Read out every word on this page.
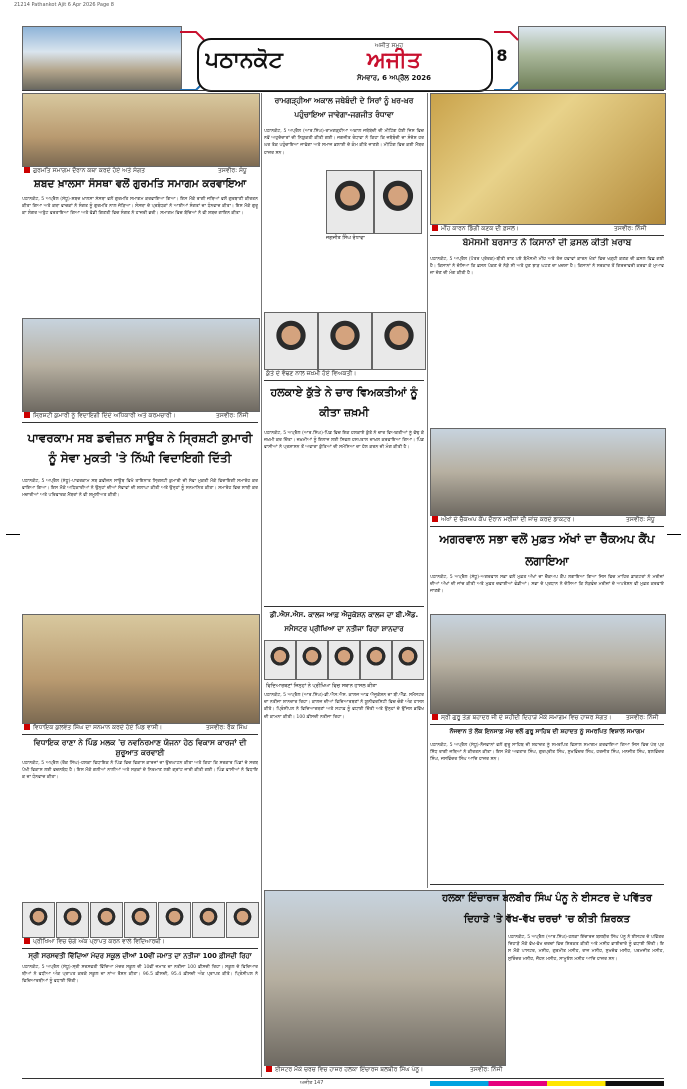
21214 Pathankot Ajit 6 Apr 2026 Page 8
ਪਠਾਨਕੋਟ
ਅਜੀਤ ਸਮੂਹ
ਅਜੀਤ
ਸੋਮਵਾਰ, 6 ਅਪ੍ਰੈਲ 2026
8
ਗੁਰਮਤਿ ਸਮਾਗਮ ਦੌਰਾਨ ਕਥਾ ਕਰਦੇ ਹੋਏ ਅਤੇ ਸੰਗਤ	ਤਸਵੀਰ: ਸੰਧੂ
ਸ਼ਬਦ ਖ਼ਾਲਸਾ ਸੰਸਥਾ ਵਲੋਂ ਗੁਰਮਤਿ ਸਮਾਗਮ ਕਰਵਾਇਆ
ਪਠਾਨਕੋਟ, 5 ਅਪ੍ਰੈਲ (ਸੰਧੂ)-ਸ਼ਬਦ ਖ਼ਾਲਸਾ ਸੰਸਥਾ ਵਲੋਂ ਗੁਰਮਤਿ ਸਮਾਗਮ ਕਰਵਾਇਆ ਗਿਆ। ਇਸ ਮੌਕੇ ਰਾਗੀ ਜਥਿਆਂ ਵਲੋਂ ਗੁਰਬਾਣੀ ਕੀਰਤਨ ਕੀਤਾ ਗਿਆ ਅਤੇ ਕਥਾ ਵਾਚਕਾਂ ਨੇ ਸੰਗਤ ਨੂੰ ਗੁਰਮਤਿ ਨਾਲ ਜੋੜਿਆ। ਸੰਸਥਾ ਦੇ ਪ੍ਰਬੰਧਕਾਂ ਨੇ ਆਈਆਂ ਸੰਗਤਾਂ ਦਾ ਧੰਨਵਾਦ ਕੀਤਾ। ਇਸ ਮੌਕੇ ਗੁਰੂ ਕਾ ਲੰਗਰ ਅਤੁੱਟ ਵਰਤਾਇਆ ਗਿਆ ਅਤੇ ਵੱਡੀ ਗਿਣਤੀ ਵਿਚ ਸੰਗਤ ਨੇ ਹਾਜ਼ਰੀ ਭਰੀ। ਸਮਾਗਮ ਵਿਚ ਬੱਚਿਆਂ ਨੇ ਵੀ ਸ਼ਬਦ ਗਾਇਨ ਕੀਤਾ।
ਸ੍ਰਿਸ਼ਟੀ ਕੁਮਾਰੀ ਨੂੰ ਵਿਦਾਇਗੀ ਦਿੰਦੇ ਅਧਿਕਾਰੀ ਅਤੇ ਕਰਮਚਾਰੀ।	ਤਸਵੀਰ: ਨਿੱਜੀ
ਪਾਵਰਕਾਮ ਸਬ ਡਵੀਜ਼ਨ ਸਾਊਥ ਨੇ ਸ੍ਰਿਸ਼ਟੀ ਕੁਮਾਰੀ ਨੂੰ ਸੇਵਾ ਮੁਕਤੀ 'ਤੇ ਨਿੱਘੀ ਵਿਦਾਇਗੀ ਦਿੱਤੀ
ਪਠਾਨਕੋਟ, 5 ਅਪ੍ਰੈਲ (ਸੰਧੂ)-ਪਾਵਰਕਾਮ ਸਬ ਡਵੀਜ਼ਨ ਸਾਊਥ ਵਿਖੇ ਤਾਇਨਾਤ ਸ੍ਰਿਸ਼ਟੀ ਕੁਮਾਰੀ ਦੀ ਸੇਵਾ ਮੁਕਤੀ ਮੌਕੇ ਵਿਦਾਇਗੀ ਸਮਾਰੋਹ ਕਰਵਾਇਆ ਗਿਆ। ਇਸ ਮੌਕੇ ਅਧਿਕਾਰੀਆਂ ਨੇ ਉਨ੍ਹਾਂ ਦੀਆਂ ਸੇਵਾਵਾਂ ਦੀ ਸ਼ਲਾਘਾ ਕੀਤੀ ਅਤੇ ਉਨ੍ਹਾਂ ਨੂੰ ਸਨਮਾਨਿਤ ਕੀਤਾ। ਸਮਾਰੋਹ ਵਿਚ ਸਾਥੀ ਕਰਮਚਾਰੀਆਂ ਅਤੇ ਪਰਿਵਾਰਕ ਮੈਂਬਰਾਂ ਨੇ ਵੀ ਸ਼ਮੂਲੀਅਤ ਕੀਤੀ।
ਵਿਧਾਇਕ ਕੁਲਵੰਤ ਸਿੰਘ ਦਾ ਸਨਮਾਨ ਕਰਦੇ ਹੋਏ ਪਿੰਡ ਵਾਸੀ।	ਤਸਵੀਰ: ਰੌਕ ਸਿੰਘ
ਵਿਧਾਇਕ ਰਾਣਾ ਨੇ ਪਿੰਡ ਮਲਕ 'ਚ ਨਵਨਿਰਮਾਣ ਯੋਜਨਾ ਹੇਠ ਵਿਕਾਸ ਕਾਰਜਾਂ ਦੀ ਸ਼ੁਰੂਆਤ ਕਰਵਾਈ
ਪਠਾਨਕੋਟ, 5 ਅਪ੍ਰੈਲ (ਰੌਕ ਸਿੰਘ)-ਹਲਕਾ ਵਿਧਾਇਕ ਨੇ ਪਿੰਡ ਵਿਚ ਵਿਕਾਸ ਕਾਰਜਾਂ ਦਾ ਉਦਘਾਟਨ ਕੀਤਾ ਅਤੇ ਕਿਹਾ ਕਿ ਸਰਕਾਰ ਪਿੰਡਾਂ ਦੇ ਸਰਬਪੱਖੀ ਵਿਕਾਸ ਲਈ ਵਚਨਬੱਧ ਹੈ। ਇਸ ਮੌਕੇ ਗਲੀਆਂ ਨਾਲੀਆਂ ਅਤੇ ਸੜਕਾਂ ਦੇ ਨਿਰਮਾਣ ਲਈ ਗ੍ਰਾਂਟ ਜਾਰੀ ਕੀਤੀ ਗਈ। ਪਿੰਡ ਵਾਸੀਆਂ ਨੇ ਵਿਧਾਇਕ ਦਾ ਧੰਨਵਾਦ ਕੀਤਾ।
ਪ੍ਰੀਖਿਆ ਵਿਚ ਚੰਗੇ ਅੰਕ ਪ੍ਰਾਪਤ ਕਰਨ ਵਾਲੇ ਵਿਦਿਆਰਥੀ।
ਸ੍ਰੀ ਸਰਸਵਤੀ ਵਿੱਦਿਆ ਮੰਦਰ ਸਕੂਲ ਦੀਆਂ 10ਵੀਂ ਜਮਾਤ ਦਾ ਨਤੀਜਾ 100 ਫ਼ੀਸਦੀ ਰਿਹਾ
ਪਠਾਨਕੋਟ, 5 ਅਪ੍ਰੈਲ (ਸੰਧੂ)-ਸ੍ਰੀ ਸਰਸਵਤੀ ਵਿੱਦਿਆ ਮੰਦਰ ਸਕੂਲ ਦੀ 10ਵੀਂ ਜਮਾਤ ਦਾ ਨਤੀਜਾ 100 ਫ਼ੀਸਦੀ ਰਿਹਾ। ਸਕੂਲ ਦੇ ਵਿਦਿਆਰਥੀਆਂ ਨੇ ਵਧੀਆ ਅੰਕ ਪ੍ਰਾਪਤ ਕਰਕੇ ਸਕੂਲ ਦਾ ਨਾਂਅ ਰੌਸ਼ਨ ਕੀਤਾ। 96.5 ਫ਼ੀਸਦੀ, 95.4 ਫ਼ੀਸਦੀ ਅੰਕ ਪ੍ਰਾਪਤ ਕੀਤੇ। ਪ੍ਰਿੰਸੀਪਲ ਨੇ ਵਿਦਿਆਰਥੀਆਂ ਨੂੰ ਵਧਾਈ ਦਿੱਤੀ।
ਰਾਮਗੜ੍ਹੀਆ ਅਕਾਲ ਜਥੇਬੰਦੀ ਦੇ ਸਿਰਾਂ ਨੂੰ ਖ਼ਰ-ਖ਼ਰ ਪਹੁੰਚਾਇਆ ਜਾਵੇਗਾ-ਜਗਜੀਤ ਰੰਧਾਵਾ
ਪਠਾਨਕੋਟ, 5 ਅਪ੍ਰੈਲ (ਆਰ.ਸਿੰਘ)-ਰਾਮਗੜ੍ਹੀਆ ਅਕਾਲ ਜਥੇਬੰਦੀ ਦੀ ਮੀਟਿੰਗ ਹੋਈ ਜਿਸ ਵਿਚ ਨਵੇਂ ਅਹੁਦੇਦਾਰਾਂ ਦੀ ਨਿਯੁਕਤੀ ਕੀਤੀ ਗਈ। ਜਗਜੀਤ ਰੰਧਾਵਾ ਨੇ ਕਿਹਾ ਕਿ ਜਥੇਬੰਦੀ ਦਾ ਸੰਦੇਸ਼ ਹਰ ਘਰ ਤੱਕ ਪਹੁੰਚਾਇਆ ਜਾਵੇਗਾ ਅਤੇ ਸਮਾਜ ਭਲਾਈ ਦੇ ਕੰਮ ਕੀਤੇ ਜਾਣਗੇ। ਮੀਟਿੰਗ ਵਿਚ ਕਈ ਮੈਂਬਰ ਹਾਜ਼ਰ ਸਨ।
ਜਗਜੀਤ ਸਿੰਘ ਰੰਧਾਵਾ
ਕੁੱਤੇ ਦੇ ਵੱਢਣ ਨਾਲ ਜ਼ਖ਼ਮੀ ਹੋਏ ਵਿਅਕਤੀ।
ਹਲਕਾਏ ਕੁੱਤੇ ਨੇ ਚਾਰ ਵਿਅਕਤੀਆਂ ਨੂੰ ਕੀਤਾ ਜ਼ਖ਼ਮੀ
ਪਠਾਨਕੋਟ, 5 ਅਪ੍ਰੈਲ (ਆਰ.ਸਿੰਘ)-ਪਿੰਡ ਵਿਚ ਇਕ ਹਲਕਾਏ ਕੁੱਤੇ ਨੇ ਚਾਰ ਵਿਅਕਤੀਆਂ ਨੂੰ ਵੱਢ ਕੇ ਜ਼ਖ਼ਮੀ ਕਰ ਦਿੱਤਾ। ਜ਼ਖ਼ਮੀਆਂ ਨੂੰ ਇਲਾਜ ਲਈ ਸਿਵਲ ਹਸਪਤਾਲ ਦਾਖ਼ਲ ਕਰਵਾਇਆ ਗਿਆ। ਪਿੰਡ ਵਾਸੀਆਂ ਨੇ ਪ੍ਰਸ਼ਾਸਨ ਤੋਂ ਅਵਾਰਾ ਕੁੱਤਿਆਂ ਦੀ ਸਮੱਸਿਆ ਦਾ ਹੱਲ ਕਰਨ ਦੀ ਮੰਗ ਕੀਤੀ ਹੈ।
ਡੀ.ਐਸ.ਐਸ. ਕਾਲਜ ਆਫ਼ ਐਜੂਕੇਸ਼ਨ ਕਾਲਜ ਦਾ ਬੀ.ਐੱਡ. ਸਮੈਸਟਰ ਪ੍ਰੀਖਿਆ ਦਾ ਨਤੀਜਾ ਰਿਹਾ ਸ਼ਾਨਦਾਰ
ਵਿਦਿਆਰਥਣਾਂ ਜਿਨ੍ਹਾਂ ਨੇ ਪ੍ਰੀਖਿਆ ਵਿਚ ਸਥਾਨ ਹਾਸਲ ਕੀਤਾ
ਪਠਾਨਕੋਟ, 5 ਅਪ੍ਰੈਲ (ਆਰ.ਸਿੰਘ)-ਡੀ.ਐਸ.ਐਸ. ਕਾਲਜ ਆਫ਼ ਐਜੂਕੇਸ਼ਨ ਦਾ ਬੀ.ਐੱਡ. ਸਮੈਸਟਰ ਦਾ ਨਤੀਜਾ ਸ਼ਾਨਦਾਰ ਰਿਹਾ। ਕਾਲਜ ਦੀਆਂ ਵਿਦਿਆਰਥਣਾਂ ਨੇ ਯੂਨੀਵਰਸਿਟੀ ਵਿਚ ਚੰਗੇ ਅੰਕ ਹਾਸਲ ਕੀਤੇ। ਪ੍ਰਿੰਸੀਪਲ ਨੇ ਵਿਦਿਆਰਥਣਾਂ ਅਤੇ ਸਟਾਫ਼ ਨੂੰ ਵਧਾਈ ਦਿੱਤੀ ਅਤੇ ਉਨ੍ਹਾਂ ਦੇ ਉੱਜਲ ਭਵਿੱਖ ਦੀ ਕਾਮਨਾ ਕੀਤੀ। 100 ਫ਼ੀਸਦੀ ਨਤੀਜਾ ਰਿਹਾ।
ਈਸਟਰ ਮੌਕੇ ਚਰਚ ਵਿਚ ਹਾਜ਼ਰ ਹਲਕਾ ਇੰਚਾਰਜ ਬਲਬੀਰ ਸਿੰਘ ਪੰਨੂ।	ਤਸਵੀਰ: ਨਿੱਜੀ
ਮੀਂਹ ਕਾਰਨ ਡਿੱਗੀ ਕਣਕ ਦੀ ਫ਼ਸਲ।	ਤਸਵੀਰ: ਨਿੱਜੀ
ਬੇਮੌਸਮੀ ਬਰਸਾਤ ਨੇ ਕਿਸਾਨਾਂ ਦੀ ਫ਼ਸਲ ਕੀਤੀ ਖ਼ਰਾਬ
ਪਠਾਨਕੋਟ, 5 ਅਪ੍ਰੈਲ (ਪੱਤਰ ਪ੍ਰੇਰਕ)-ਬੀਤੀ ਰਾਤ ਪਏ ਬੇਮੌਸਮੀ ਮੀਂਹ ਅਤੇ ਤੇਜ਼ ਹਵਾਵਾਂ ਕਾਰਨ ਖੇਤਾਂ ਵਿਚ ਖੜ੍ਹੀ ਕਣਕ ਦੀ ਫ਼ਸਲ ਵਿਛ ਗਈ ਹੈ। ਕਿਸਾਨਾਂ ਨੇ ਦੱਸਿਆ ਕਿ ਫ਼ਸਲ ਪੱਕਣ ਦੇ ਨੇੜੇ ਸੀ ਅਤੇ ਹੁਣ ਝਾੜ ਘਟਣ ਦਾ ਖ਼ਦਸ਼ਾ ਹੈ। ਕਿਸਾਨਾਂ ਨੇ ਸਰਕਾਰ ਤੋਂ ਗਿਰਦਾਵਰੀ ਕਰਵਾ ਕੇ ਮੁਆਵਜ਼ਾ ਦੇਣ ਦੀ ਮੰਗ ਕੀਤੀ ਹੈ।
ਅੱਖਾਂ ਦੇ ਚੈੱਕਅਪ ਕੈਂਪ ਦੌਰਾਨ ਮਰੀਜ਼ਾਂ ਦੀ ਜਾਂਚ ਕਰਦੇ ਡਾਕਟਰ।	ਤਸਵੀਰ: ਸੰਧੂ
ਅਗਰਵਾਲ ਸਭਾ ਵਲੋਂ ਮੁਫ਼ਤ ਅੱਖਾਂ ਦਾ ਚੈੱਕਅਪ ਕੈਂਪ ਲਗਾਇਆ
ਪਠਾਨਕੋਟ, 5 ਅਪ੍ਰੈਲ (ਸੰਧੂ)-ਅਗਰਵਾਲ ਸਭਾ ਵਲੋਂ ਮੁਫ਼ਤ ਅੱਖਾਂ ਦਾ ਚੈੱਕਅਪ ਕੈਂਪ ਲਗਾਇਆ ਗਿਆ ਜਿਸ ਵਿਚ ਮਾਹਿਰ ਡਾਕਟਰਾਂ ਨੇ ਮਰੀਜ਼ਾਂ ਦੀਆਂ ਅੱਖਾਂ ਦੀ ਜਾਂਚ ਕੀਤੀ ਅਤੇ ਮੁਫ਼ਤ ਦਵਾਈਆਂ ਵੰਡੀਆਂ। ਸਭਾ ਦੇ ਪ੍ਰਧਾਨ ਨੇ ਦੱਸਿਆ ਕਿ ਲੋੜਵੰਦ ਮਰੀਜ਼ਾਂ ਦੇ ਅਪਰੇਸ਼ਨ ਵੀ ਮੁਫ਼ਤ ਕਰਵਾਏ ਜਾਣਗੇ।
ਸ੍ਰੀ ਗੁਰੂ ਤੇਗ਼ ਬਹਾਦਰ ਜੀ ਦੇ ਸ਼ਹੀਦੀ ਦਿਹਾੜੇ ਮੌਕੇ ਸਮਾਗਮ ਵਿਚ ਹਾਜ਼ਰ ਸੰਗਤ।	ਤਸਵੀਰ: ਨਿੱਜੀ
ਨੌਜਵਾਨ ਤੇ ਲੋਕ ਇਨਸਾਫ਼ ਮੰਚ ਵਲੋਂ ਗੁਰੂ ਸਾਹਿਬ ਦੀ ਸ਼ਹਾਦਤ ਨੂੰ ਸਮਰਪਿਤ ਵਿਸ਼ਾਲ ਸਮਾਗਮ
ਪਠਾਨਕੋਟ, 5 ਅਪ੍ਰੈਲ (ਸੰਧੂ)-ਨੌਜਵਾਨਾਂ ਵਲੋਂ ਗੁਰੂ ਸਾਹਿਬ ਦੀ ਸ਼ਹਾਦਤ ਨੂੰ ਸਮਰਪਿਤ ਵਿਸ਼ਾਲ ਸਮਾਗਮ ਕਰਵਾਇਆ ਗਿਆ ਜਿਸ ਵਿਚ ਪੰਥ ਪ੍ਰਸਿੱਧ ਰਾਗੀ ਜਥਿਆਂ ਨੇ ਕੀਰਤਨ ਕੀਤਾ। ਇਸ ਮੌਕੇ ਅਵਤਾਰ ਸਿੰਘ, ਗੁਰਪ੍ਰੀਤ ਸਿੰਘ, ਸੁਖਵਿੰਦਰ ਸਿੰਘ, ਹਰਜੀਤ ਸਿੰਘ, ਮਨਜੀਤ ਸਿੰਘ, ਬਲਵਿੰਦਰ ਸਿੰਘ, ਜਸਵਿੰਦਰ ਸਿੰਘ ਆਦਿ ਹਾਜ਼ਰ ਸਨ।
ਹਲਕਾ ਇੰਚਾਰਜ ਬਲਬੀਰ ਸਿੰਘ ਪੰਨੂ ਨੇ ਈਸਟਰ ਦੇ ਪਵਿੱਤਰ ਦਿਹਾੜੇ 'ਤੇ ਵੱਖ-ਵੱਖ ਚਰਚਾਂ 'ਚ ਕੀਤੀ ਸ਼ਿਰਕਤ
ਪਠਾਨਕੋਟ, 5 ਅਪ੍ਰੈਲ (ਆਰ.ਸਿੰਘ)-ਹਲਕਾ ਇੰਚਾਰਜ ਬਲਬੀਰ ਸਿੰਘ ਪੰਨੂ ਨੇ ਈਸਟਰ ਦੇ ਪਵਿੱਤਰ ਦਿਹਾੜੇ ਮੌਕੇ ਵੱਖ-ਵੱਖ ਚਰਚਾਂ ਵਿਚ ਸ਼ਿਰਕਤ ਕੀਤੀ ਅਤੇ ਮਸੀਹ ਭਾਈਚਾਰੇ ਨੂੰ ਵਧਾਈ ਦਿੱਤੀ। ਇਸ ਮੌਕੇ ਪਾਸਟਰ, ਮਸੀਹ, ਗੁਰਮੀਤ ਮਸੀਹ, ਰਾਜ ਮਸੀਹ, ਸੁਖਦੇਵ ਮਸੀਹ, ਪਰਮਜੀਤ ਮਸੀਹ, ਸੁਰਿੰਦਰ ਮਸੀਹ, ਜੌਹਨ ਮਸੀਹ, ਸਾਮੂਏਲ ਮਸੀਹ ਆਦਿ ਹਾਜ਼ਰ ਸਨ।
ਅਜੀਤ 147
